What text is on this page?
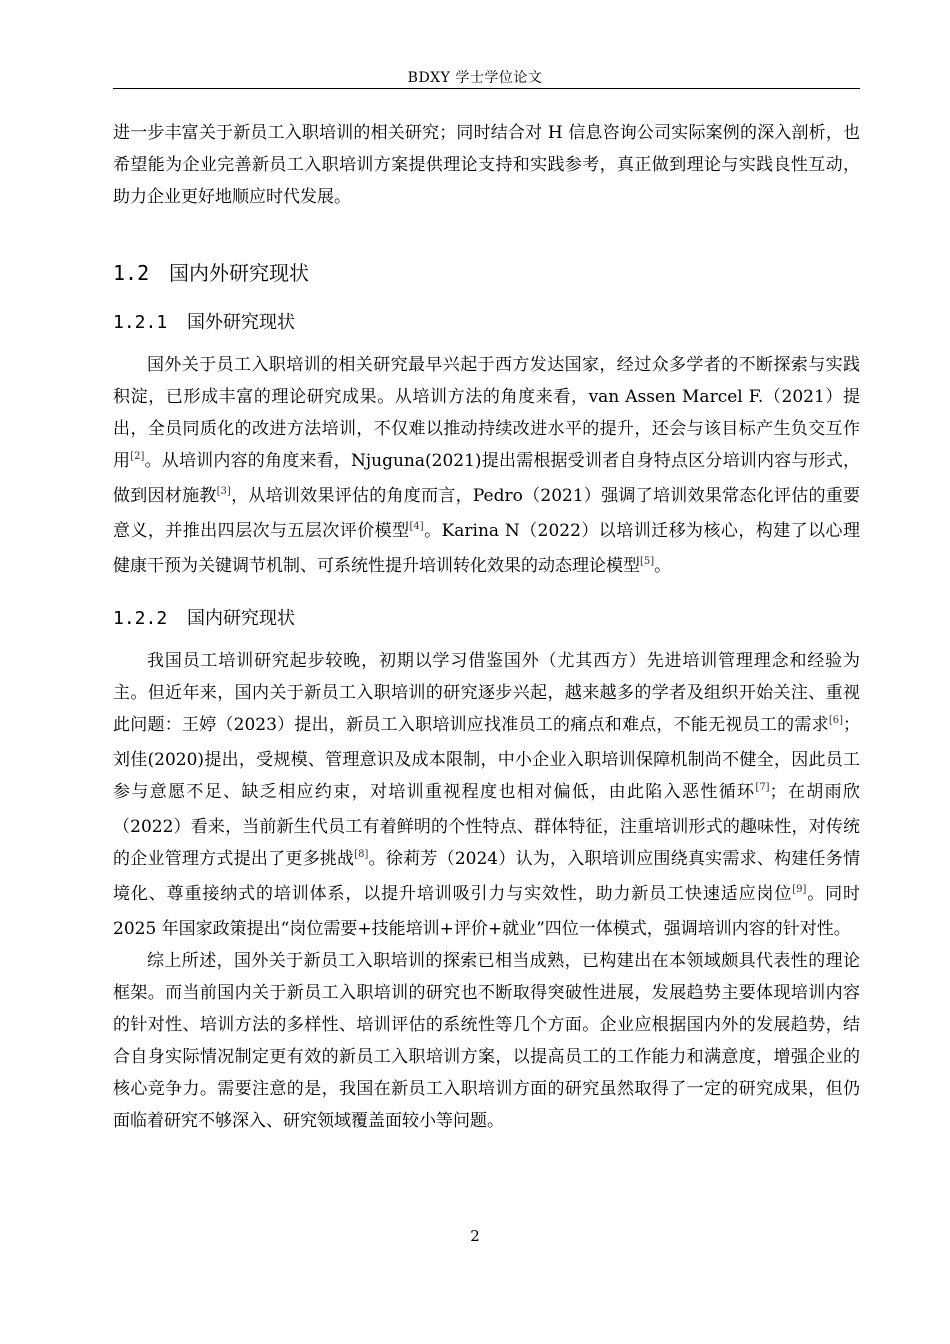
BDXY 学士学位论文

进一步丰富关于新员工入职培训的相关研究；同时结合对 H 信息咨询公司实际案例的深入剖析，也希望能为企业完善新员工入职培训方案提供理论支持和实践参考，真正做到理论与实践良性互动，助力企业更好地顺应时代发展。

1.2 国内外研究现状
1.2.1 国外研究现状

国外关于员工入职培训的相关研究最早兴起于西方发达国家，经过众多学者的不断探索与实践积淀，已形成丰富的理论研究成果。从培训方法的角度来看，van Assen Marcel F.（2021）提出，全员同质化的改进方法培训，不仅难以推动持续改进水平的提升，还会与该目标产生负交互作用[2]。从培训内容的角度来看，Njuguna(2021)提出需根据受训者自身特点区分培训内容与形式，做到因材施教[3]，从培训效果评估的角度而言，Pedro（2021）强调了培训效果常态化评估的重要意义，并推出四层次与五层次评价模型[4]。Karina N（2022）以培训迁移为核心，构建了以心理健康干预为关键调节机制、可系统性提升培训转化效果的动态理论模型[5]。

1.2.2 国内研究现状

我国员工培训研究起步较晚，初期以学习借鉴国外（尤其西方）先进培训管理理念和经验为主。但近年来，国内关于新员工入职培训的研究逐步兴起，越来越多的学者及组织开始关注、重视此问题：王婷（2023）提出，新员工入职培训应找准员工的痛点和难点，不能无视员工的需求[6]；刘佳(2020)提出，受规模、管理意识及成本限制，中小企业入职培训保障机制尚不健全，因此员工参与意愿不足、缺乏相应约束，对培训重视程度也相对偏低，由此陷入恶性循环[7]；在胡雨欣（2022）看来，当前新生代员工有着鲜明的个性特点、群体特征，注重培训形式的趣味性，对传统的企业管理方式提出了更多挑战[8]。徐莉芳（2024）认为，入职培训应围绕真实需求、构建任务情境化、尊重接纳式的培训体系，以提升培训吸引力与实效性，助力新员工快速适应岗位[9]。同时 2025 年国家政策提出“岗位需要+技能培训+评价+就业”四位一体模式，强调培训内容的针对性。

综上所述，国外关于新员工入职培训的探索已相当成熟，已构建出在本领域颇具代表性的理论框架。而当前国内关于新员工入职培训的研究也不断取得突破性进展，发展趋势主要体现培训内容的针对性、培训方法的多样性、培训评估的系统性等几个方面。企业应根据国内外的发展趋势，结合自身实际情况制定更有效的新员工入职培训方案，以提高员工的工作能力和满意度，增强企业的核心竞争力。需要注意的是，我国在新员工入职培训方面的研究虽然取得了一定的研究成果，但仍面临着研究不够深入、研究领域覆盖面较小等问题。

2
